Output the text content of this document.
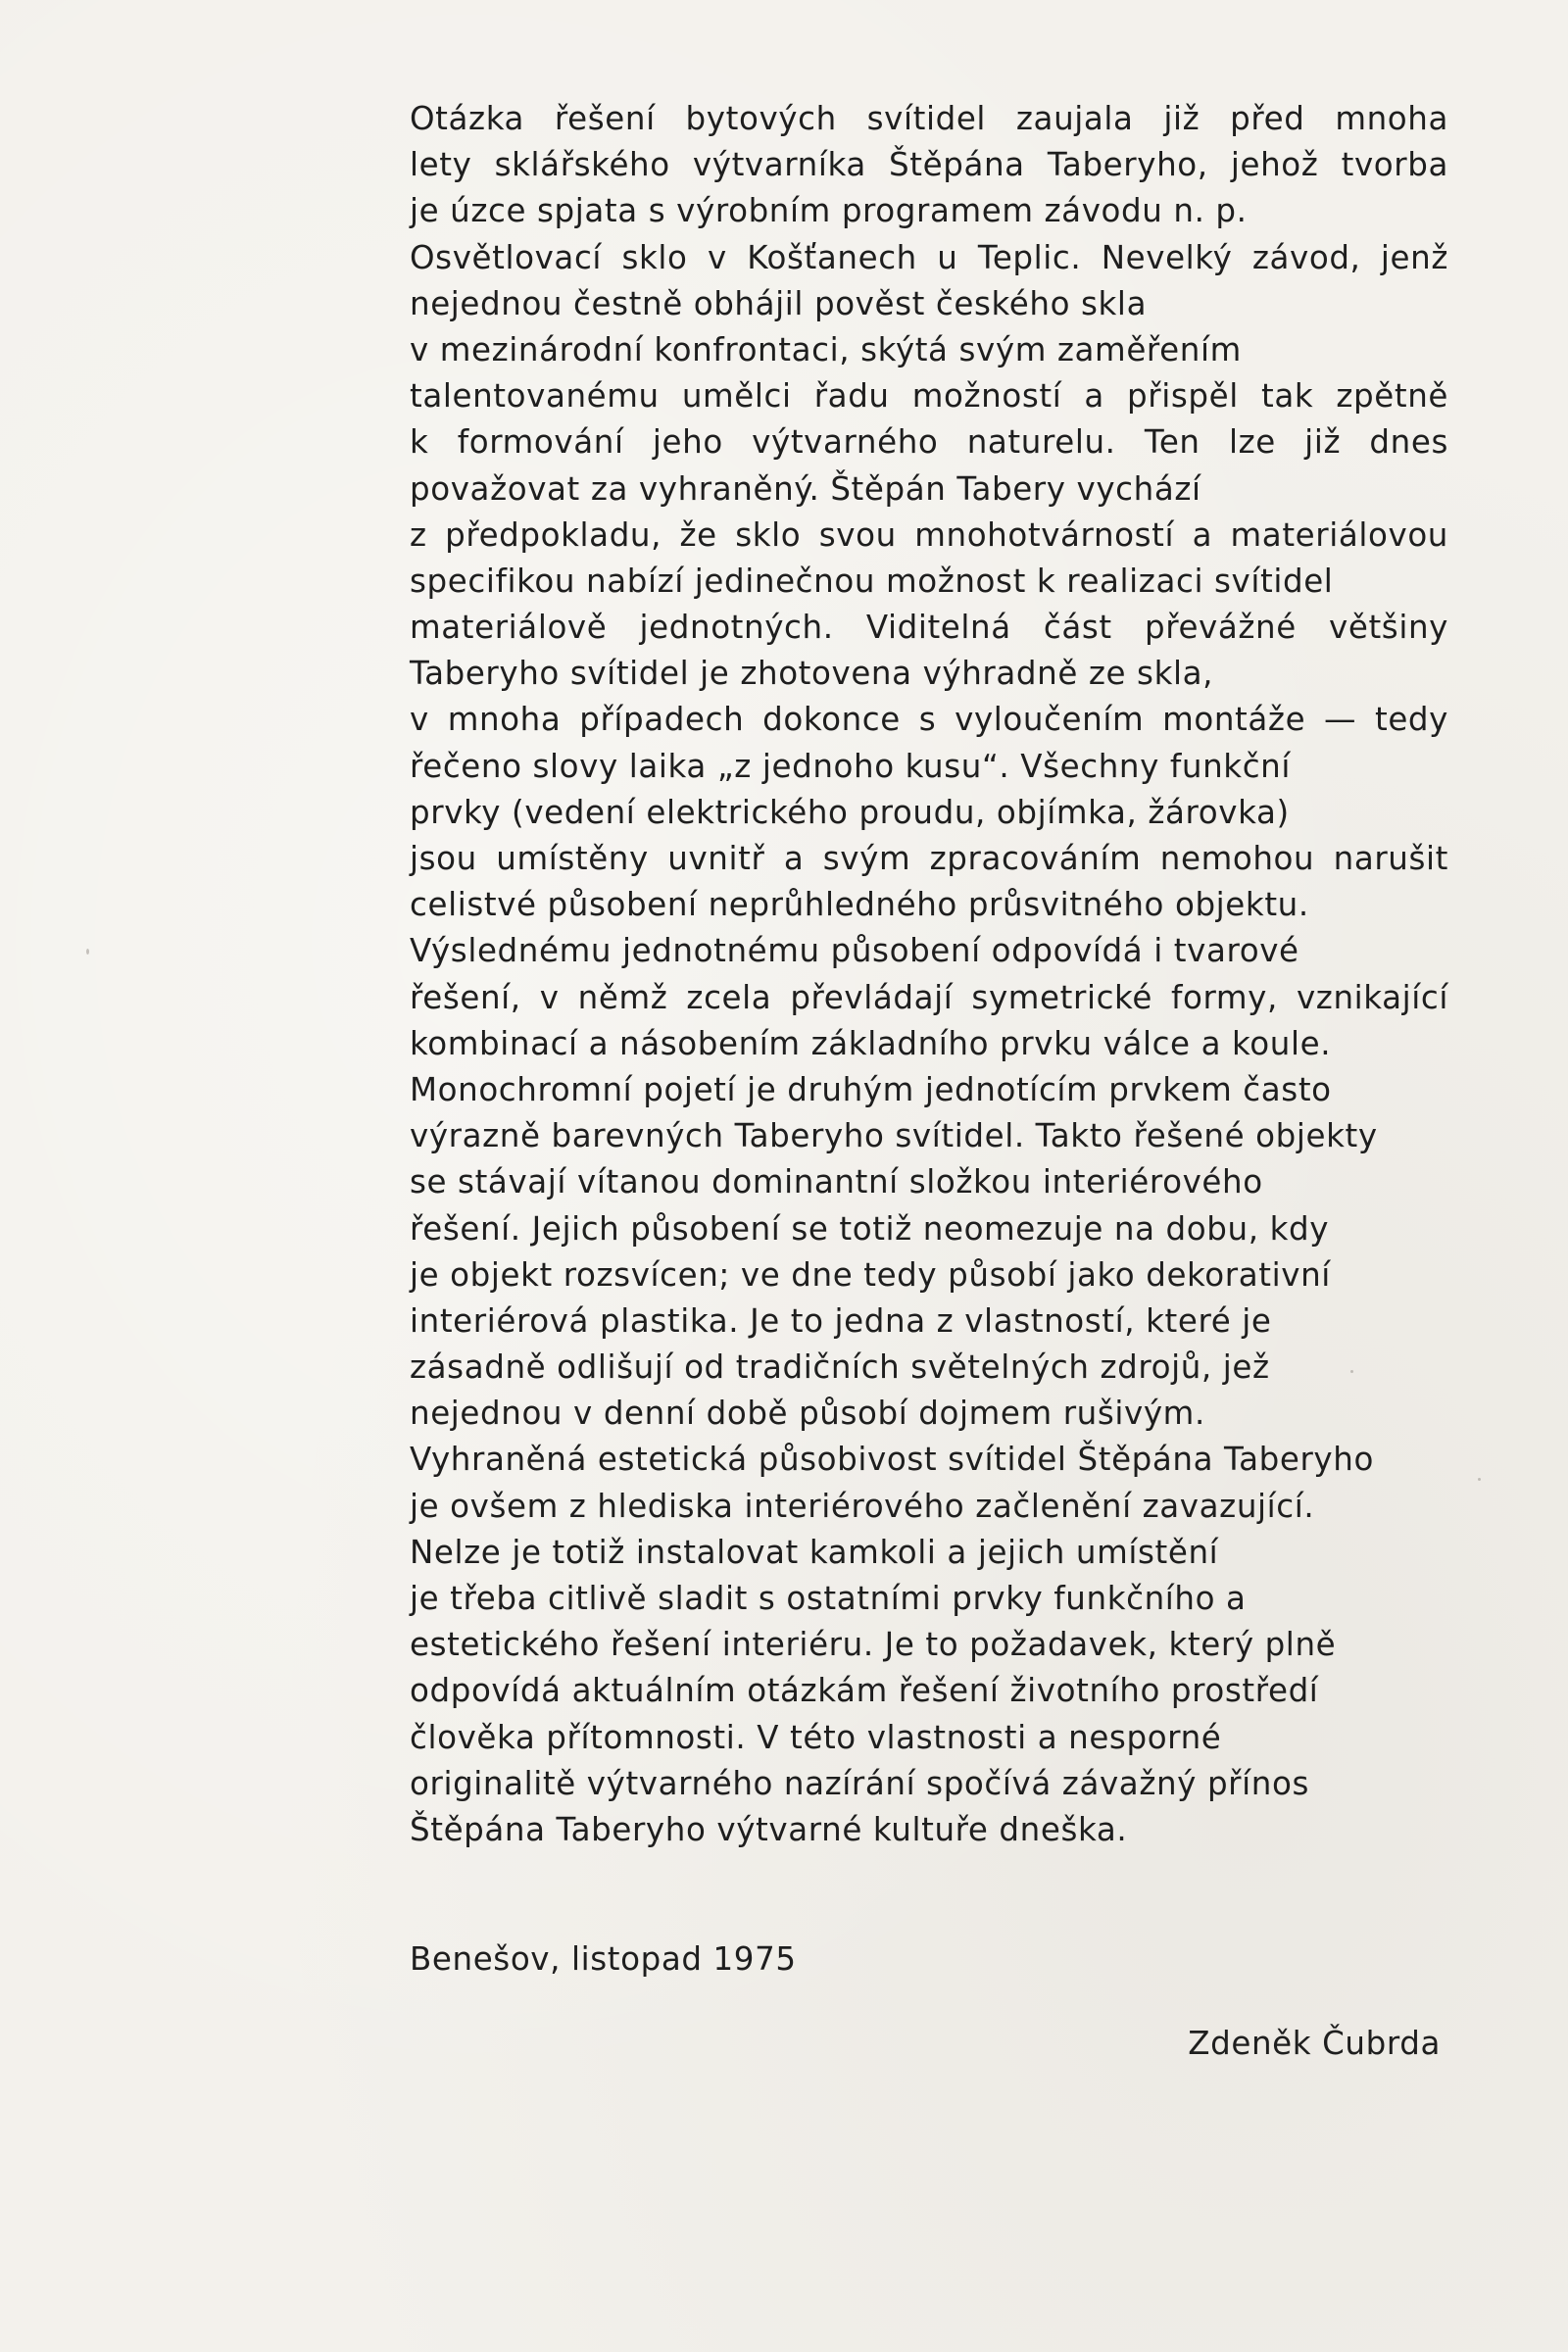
Otázka řešení bytových svítidel zaujala již před mnoha
lety sklářského výtvarníka Štěpána Taberyho, jehož tvorba
je úzce spjata s výrobním programem závodu n. p.
Osvětlovací sklo v Košťanech u Teplic. Nevelký závod, jenž
nejednou čestně obhájil pověst českého skla
v mezinárodní konfrontaci, skýtá svým zaměřením
talentovanému umělci řadu možností a přispěl tak zpětně
k formování jeho výtvarného naturelu. Ten lze již dnes
považovat za vyhraněný. Štěpán Tabery vychází
z předpokladu, že sklo svou mnohotvárností a materiálovou
specifikou nabízí jedinečnou možnost k realizaci svítidel
materiálově jednotných. Viditelná část převážné většiny
Taberyho svítidel je zhotovena výhradně ze skla,
v mnoha případech dokonce s vyloučením montáže — tedy
řečeno slovy laika „z jednoho kusu“. Všechny funkční
prvky (vedení elektrického proudu, objímka, žárovka)
jsou umístěny uvnitř a svým zpracováním nemohou narušit
celistvé působení neprůhledného průsvitného objektu.
Výslednému jednotnému působení odpovídá i tvarové
řešení, v němž zcela převládají symetrické formy, vznikající
kombinací a násobením základního prvku válce a koule.
Monochromní pojetí je druhým jednotícím prvkem často
výrazně barevných Taberyho svítidel. Takto řešené objekty
se stávají vítanou dominantní složkou interiérového
řešení. Jejich působení se totiž neomezuje na dobu, kdy
je objekt rozsvícen; ve dne tedy působí jako dekorativní
interiérová plastika. Je to jedna z vlastností, které je
zásadně odlišují od tradičních světelných zdrojů, jež
nejednou v denní době působí dojmem rušivým.
Vyhraněná estetická působivost svítidel Štěpána Taberyho
je ovšem z hlediska interiérového začlenění zavazující.
Nelze je totiž instalovat kamkoli a jejich umístění
je třeba citlivě sladit s ostatními prvky funkčního a
estetického řešení interiéru. Je to požadavek, který plně
odpovídá aktuálním otázkám řešení životního prostředí
člověka přítomnosti. V této vlastnosti a nesporné
originalitě výtvarného nazírání spočívá závažný přínos
Štěpána Taberyho výtvarné kultuře dneška.
Benešov, listopad 1975
Zdeněk Čubrda
